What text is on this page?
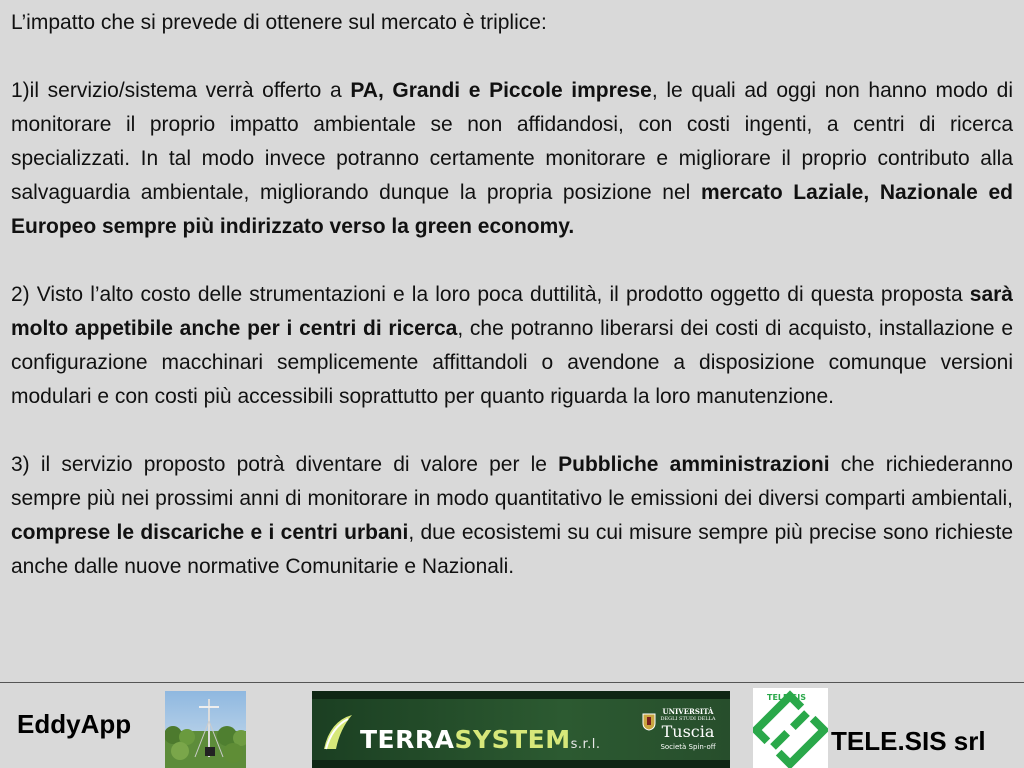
L’impatto che si prevede di ottenere sul mercato è triplice:

1)il servizio/sistema verrà offerto a PA, Grandi e Piccole imprese, le quali ad oggi non hanno modo di monitorare il proprio impatto ambientale se non affidandosi, con costi ingenti, a centri di ricerca specializzati. In tal modo invece potranno certamente monitorare e migliorare il proprio contributo alla salvaguardia ambientale, migliorando dunque la propria posizione nel mercato Laziale, Nazionale ed Europeo sempre più indirizzato verso la green economy.

2) Visto l’alto costo delle strumentazioni e la loro poca duttilità, il prodotto oggetto di questa proposta sarà molto appetibile anche per i centri di ricerca, che potranno liberarsi dei costi di acquisto, installazione e configurazione macchinari semplicemente affittandoli o avendone a disposizione comunque versioni modulari e con costi più accessibili soprattutto per quanto riguarda la loro manutenzione.

3) il servizio proposto potrà diventare di valore per le Pubbliche amministrazioni che richiederanno sempre più nei prossimi anni di monitorare in modo quantitativo le emissioni dei diversi comparti ambientali, comprese le discariche e i centri urbani, due ecosistemi su cui misure sempre più precise sono richieste anche dalle nuove normative Comunitarie e Nazionali.

EddyApp
TERRASYSTEMs.r.l.
UNIVERSITÀ
DEGLI STUDI DELLA
Tuscia
Società Spin-off
TELE.SIS
TELE.SIS srl
